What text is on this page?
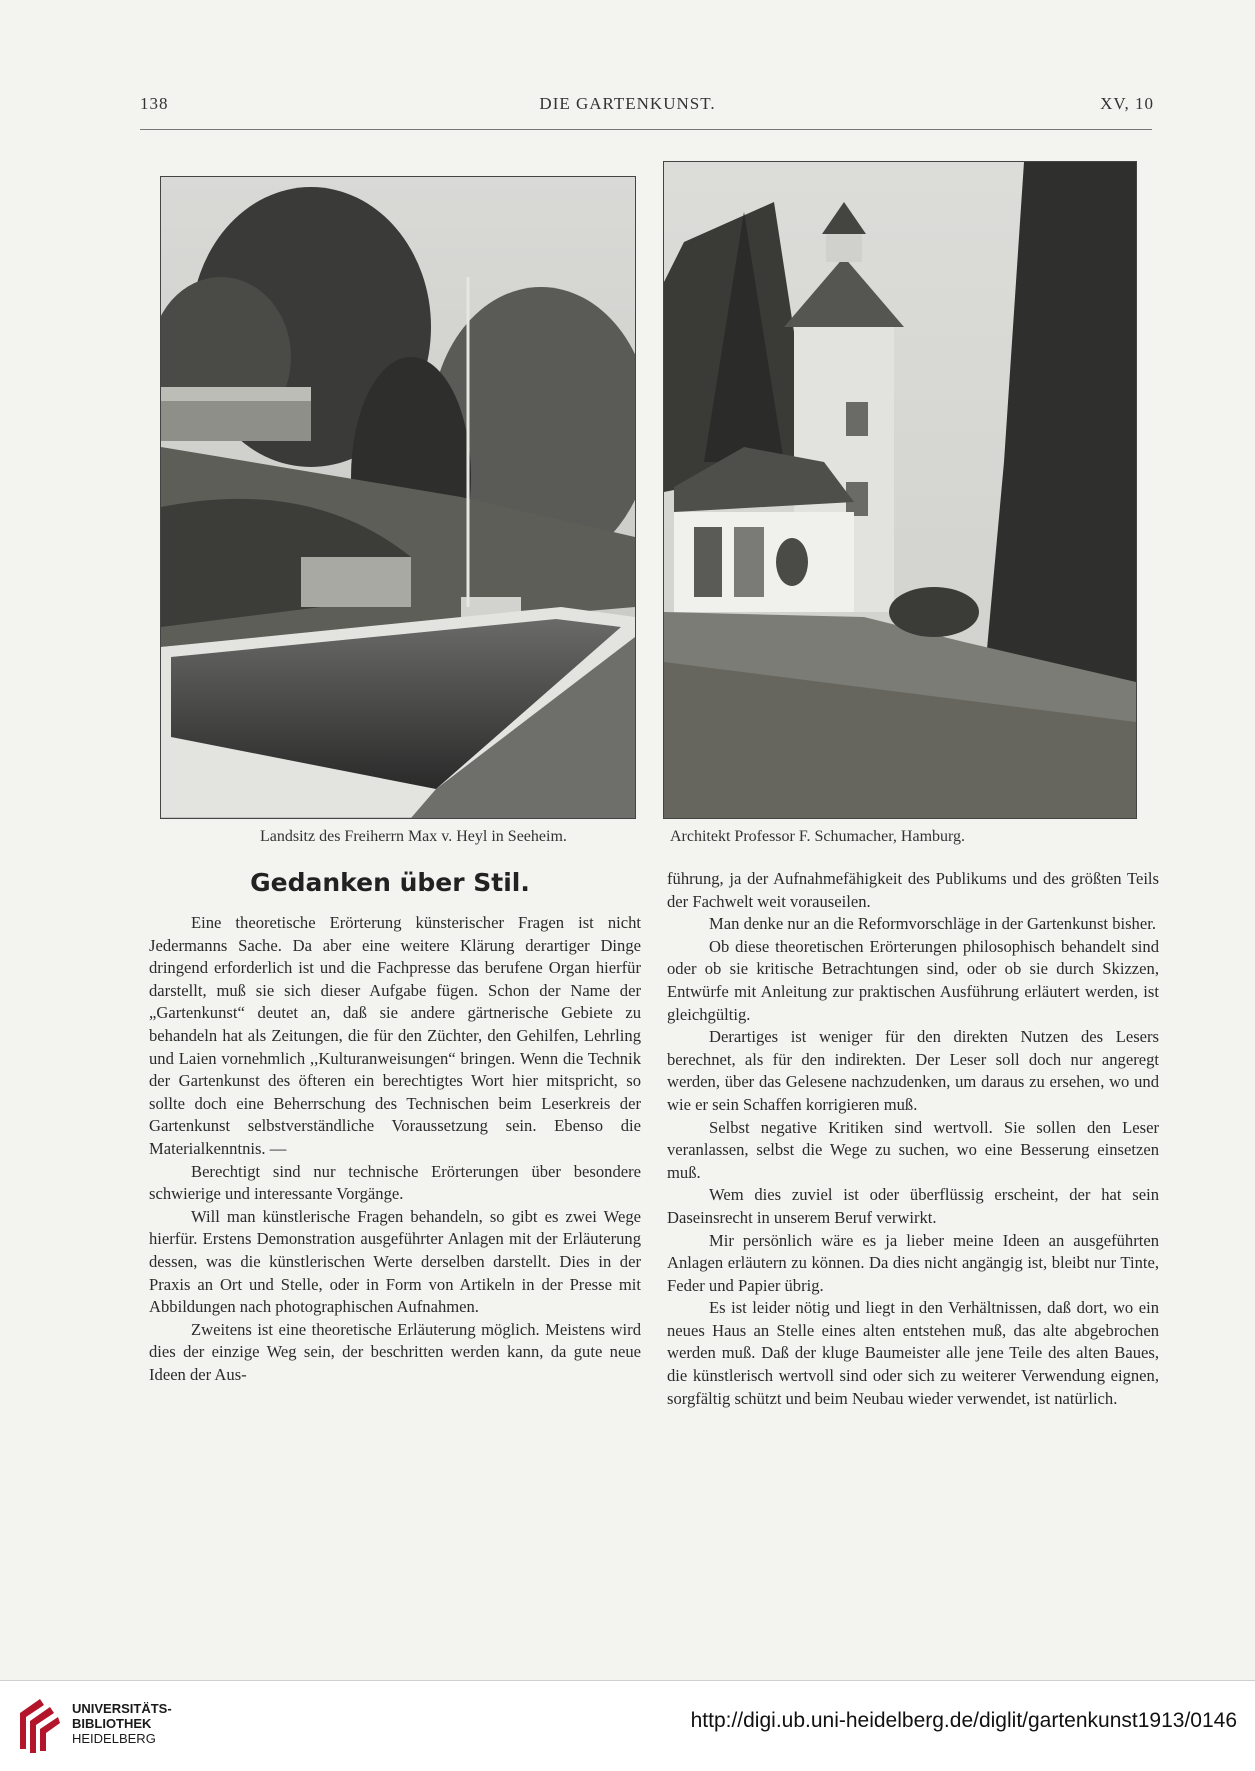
138	DIE GARTENKUNST.	XV, 10
Landsitz des Freiherrn Max v. Heyl in Seeheim.	Architekt Professor F. Schumacher, Hamburg.
Gedanken über Stil.

Eine theoretische Erörterung künsterischer Fragen ist nicht Jedermanns Sache. Da aber eine weitere Klärung derartiger Dinge dringend erforderlich ist und die Fachpresse das berufene Organ hierfür darstellt, muß sie sich dieser Aufgabe fügen. Schon der Name der „Gartenkunst“ deutet an, daß sie andere gärtnerische Gebiete zu behandeln hat als Zeitungen, die für den Züchter, den Gehilfen, Lehrling und Laien vornehmlich ,,Kulturanweisungen“ bringen. Wenn die Technik der Gartenkunst des öfteren ein berechtigtes Wort hier mitspricht, so sollte doch eine Beherrschung des Technischen beim Leserkreis der Gartenkunst selbstverständliche Voraussetzung sein. Ebenso die Materialkenntnis. —

Berechtigt sind nur technische Erörterungen über besondere schwierige und interessante Vorgänge.

Will man künstlerische Fragen behandeln, so gibt es zwei Wege hierfür. Erstens Demonstration ausgeführter Anlagen mit der Erläuterung dessen, was die künstlerischen Werte derselben darstellt. Dies in der Praxis an Ort und Stelle, oder in Form von Artikeln in der Presse mit Abbildungen nach photographischen Aufnahmen.

Zweitens ist eine theoretische Erläuterung möglich. Meistens wird dies der einzige Weg sein, der beschritten werden kann, da gute neue Ideen der Aus-

führung, ja der Aufnahmefähigkeit des Publikums und des größten Teils der Fachwelt weit vorauseilen.

Man denke nur an die Reformvorschläge in der Gartenkunst bisher.

Ob diese theoretischen Erörterungen philosophisch behandelt sind oder ob sie kritische Betrachtungen sind, oder ob sie durch Skizzen, Entwürfe mit Anleitung zur praktischen Ausführung erläutert werden, ist gleichgültig.

Derartiges ist weniger für den direkten Nutzen des Lesers berechnet, als für den indirekten. Der Leser soll doch nur angeregt werden, über das Gelesene nachzudenken, um daraus zu ersehen, wo und wie er sein Schaffen korrigieren muß.

Selbst negative Kritiken sind wertvoll. Sie sollen den Leser veranlassen, selbst die Wege zu suchen, wo eine Besserung einsetzen muß.

Wem dies zuviel ist oder überflüssig erscheint, der hat sein Daseinsrecht in unserem Beruf verwirkt.

Mir persönlich wäre es ja lieber meine Ideen an ausgeführten Anlagen erläutern zu können. Da dies nicht angängig ist, bleibt nur Tinte, Feder und Papier übrig.

Es ist leider nötig und liegt in den Verhältnissen, daß dort, wo ein neues Haus an Stelle eines alten entstehen muß, das alte abgebrochen werden muß. Daß der kluge Baumeister alle jene Teile des alten Baues, die künstlerisch wertvoll sind oder sich zu weiterer Verwendung eignen, sorgfältig schützt und beim Neubau wieder verwendet, ist natürlich.

UNIVERSITÄTS-
BIBLIOTHEK
HEIDELBERG
http://digi.ub.uni-heidelberg.de/diglit/gartenkunst1913/0146
